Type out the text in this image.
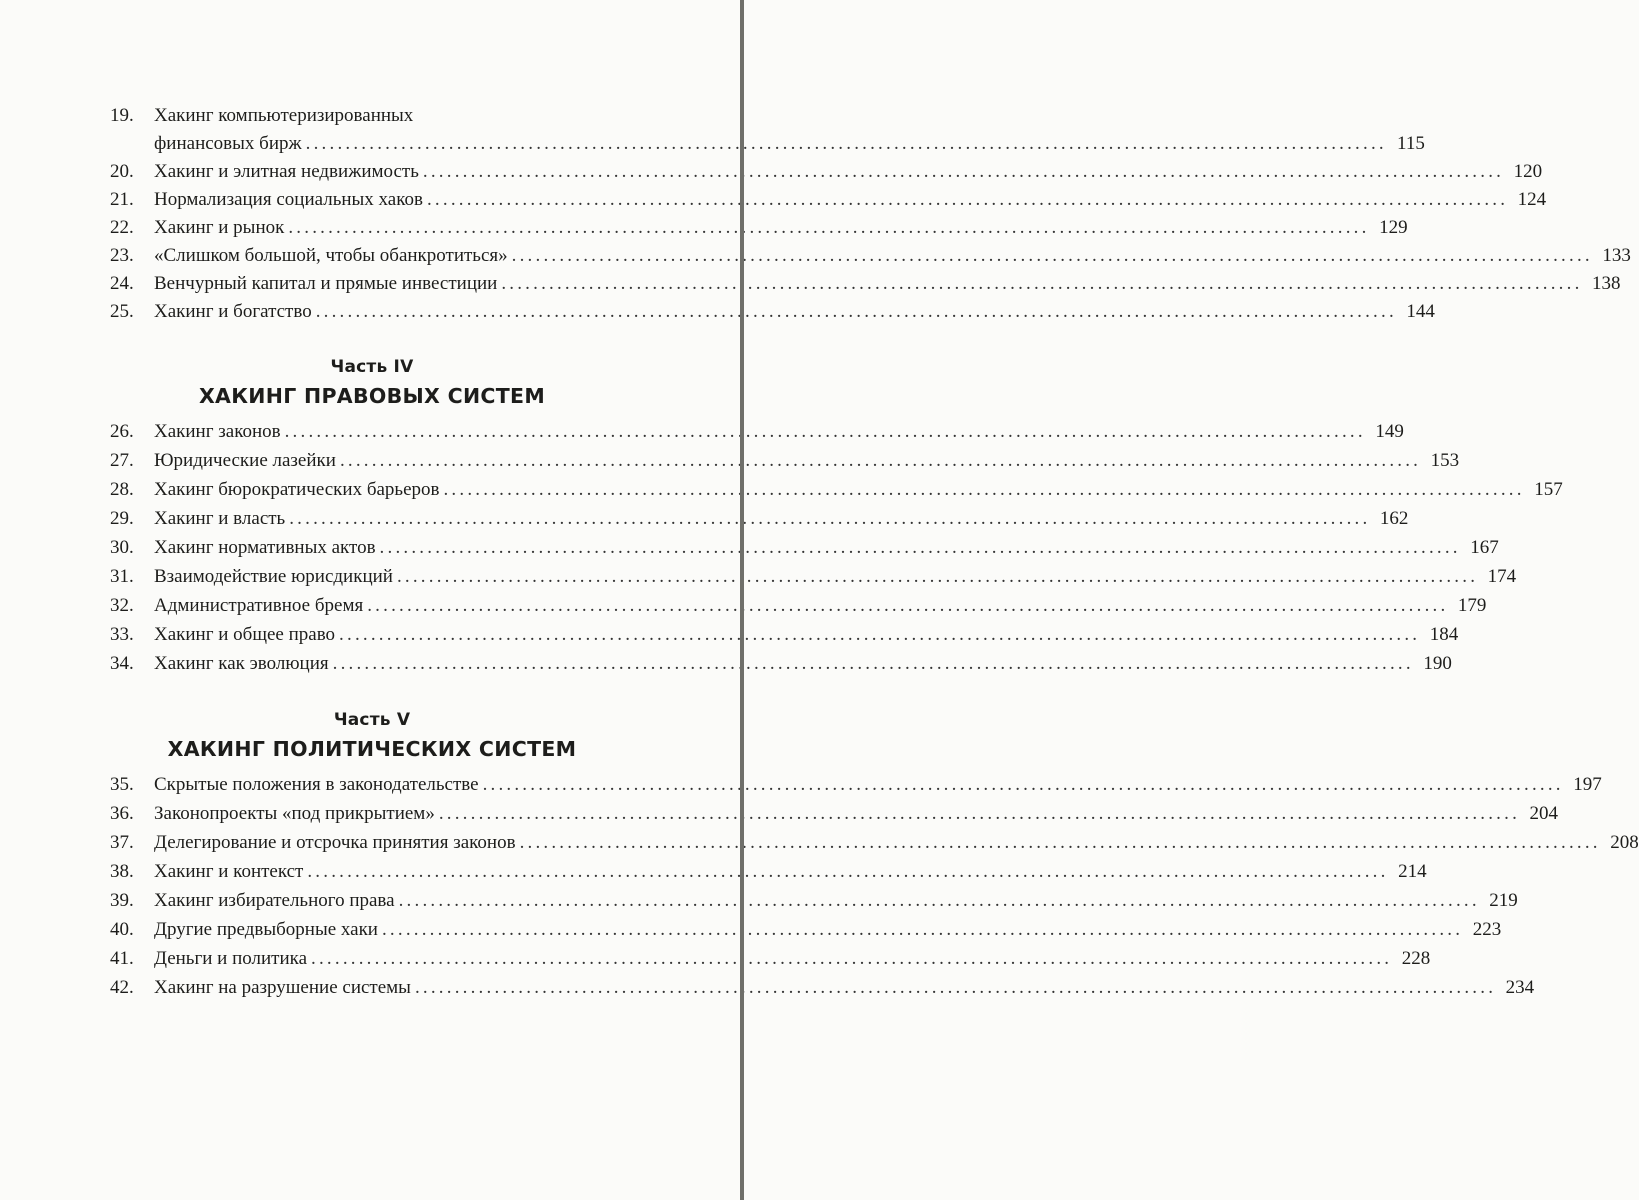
19.	Хакинг компьютеризированных
финансовых бирж .....	115
20.	Хакинг и элитная недвижимость .....	120
21.	Нормализация социальных хаков .....	124
22.	Хакинг и рынок .....	129
23.	«Слишком большой, чтобы обанкротиться» .....	133
24.	Венчурный капитал и прямые инвестиции .....	138
25.	Хакинг и богатство .....	144
Часть IV
ХАКИНГ ПРАВОВЫХ СИСТЕМ
26.	Хакинг законов .....	149
27.	Юридические лазейки .....	153
28.	Хакинг бюрократических барьеров .....	157
29.	Хакинг и власть .....	162
30.	Хакинг нормативных актов .....	167
31.	Взаимодействие юрисдикций .....	174
32.	Административное бремя .....	179
33.	Хакинг и общее право .....	184
34.	Хакинг как эволюция .....	190
Часть V
ХАКИНГ ПОЛИТИЧЕСКИХ СИСТЕМ
35.	Скрытые положения в законодательстве .....	197
36.	Законопроекты «под прикрытием» .....	204
37.	Делегирование и отсрочка принятия законов .....	208
38.	Хакинг и контекст .....	214
39.	Хакинг избирательного права .....	219
40.	Другие предвыборные хаки .....	223
41.	Деньги и политика .....	228
42.	Хакинг на разрушение системы .....	234
